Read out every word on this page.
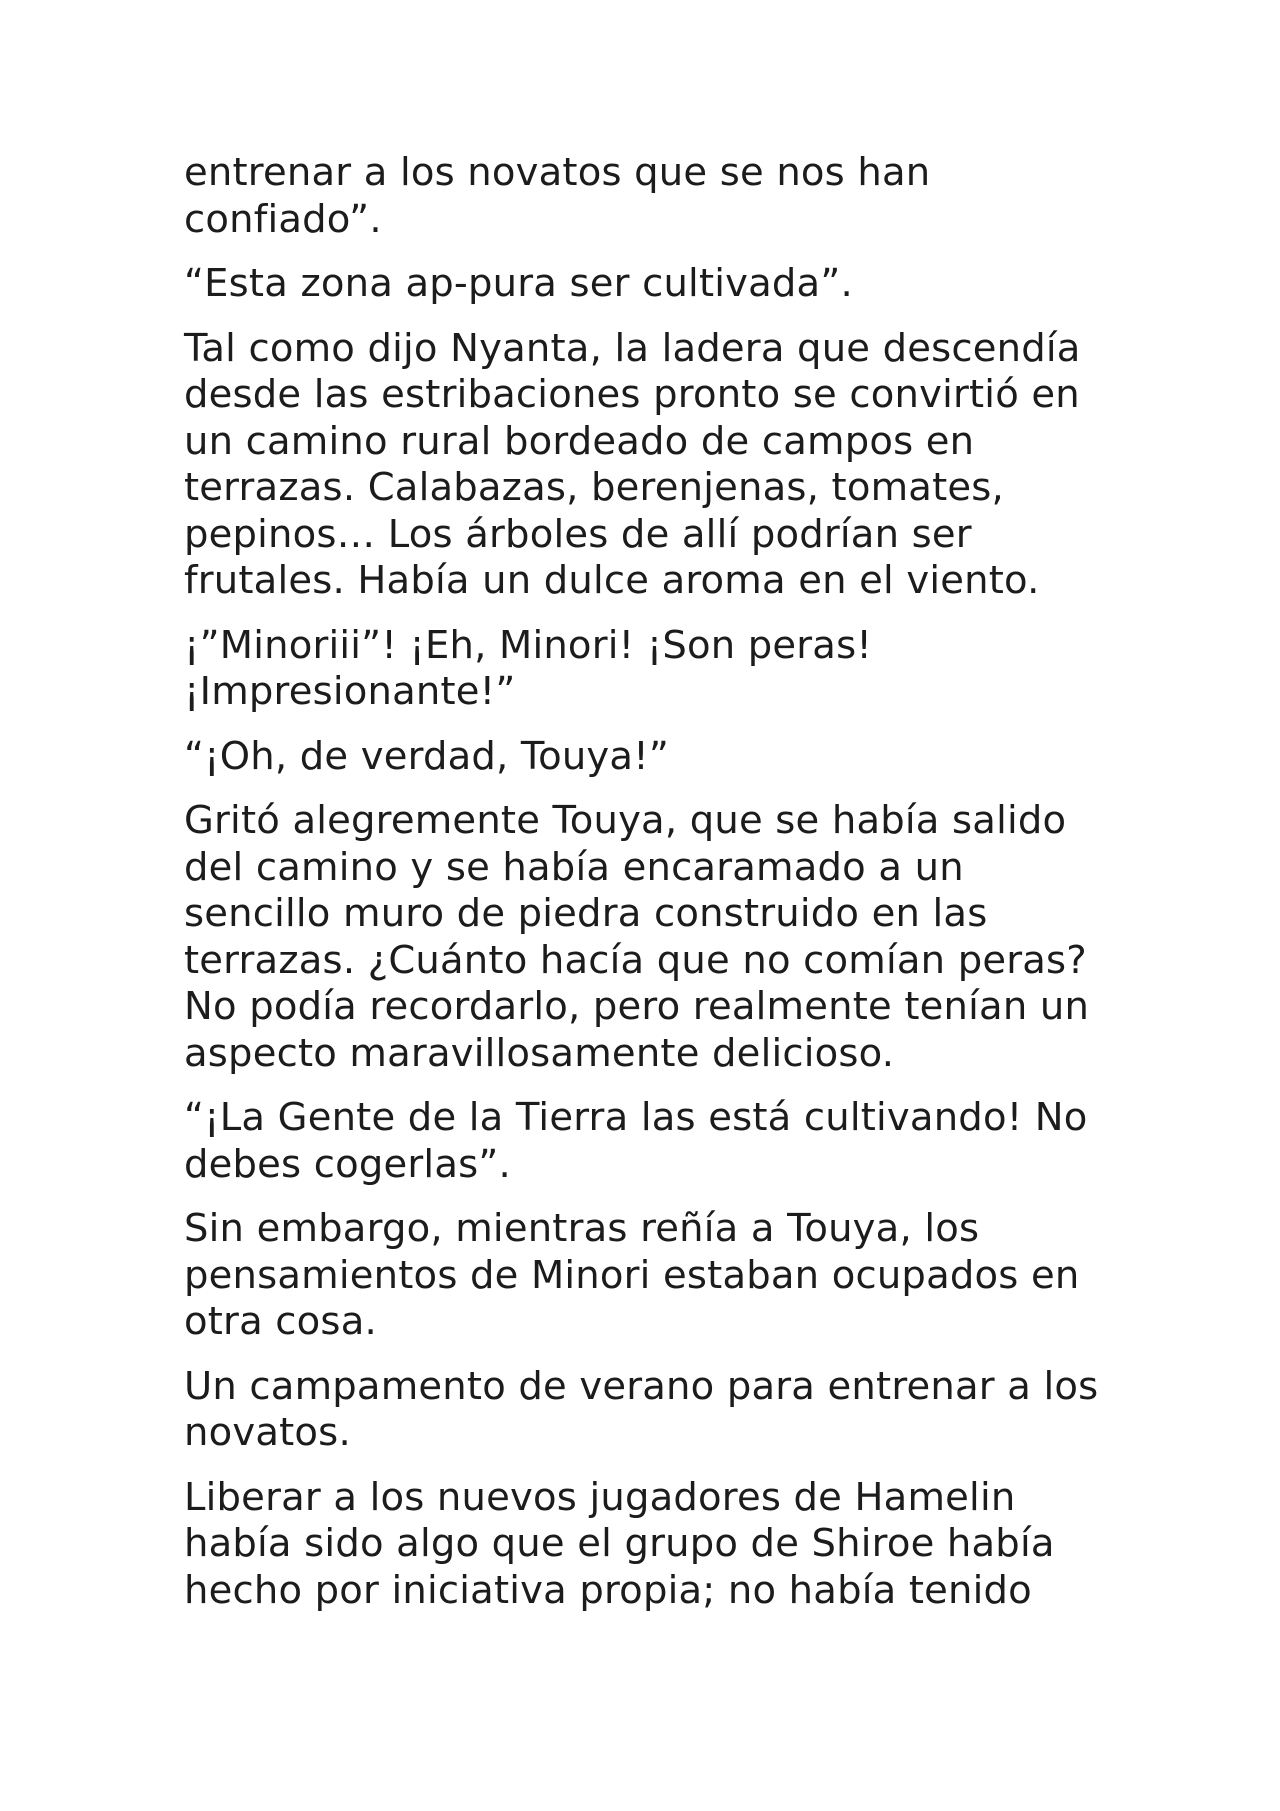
entrenar a los novatos que se nos han confiado”.

“Esta zona ap-pura ser cultivada”.

Tal como dijo Nyanta, la ladera que descendía desde las estribaciones pronto se convirtió en un camino rural bordeado de campos en terrazas. Calabazas, berenjenas, tomates, pepinos… Los árboles de allí podrían ser frutales. Había un dulce aroma en el viento.

¡”Minoriii”! ¡Eh, Minori! ¡Son peras! ¡Impresionante!”

“¡Oh, de verdad, Touya!”

Gritó alegremente Touya, que se había salido del camino y se había encaramado a un sencillo muro de piedra construido en las terrazas. ¿Cuánto hacía que no comían peras? No podía recordarlo, pero realmente tenían un aspecto maravillosamente delicioso.

“¡La Gente de la Tierra las está cultivando! No debes cogerlas”.

Sin embargo, mientras reñía a Touya, los pensamientos de Minori estaban ocupados en otra cosa.

Un campamento de verano para entrenar a los novatos.

Liberar a los nuevos jugadores de Hamelin había sido algo que el grupo de Shiroe había hecho por iniciativa propia; no había tenido
